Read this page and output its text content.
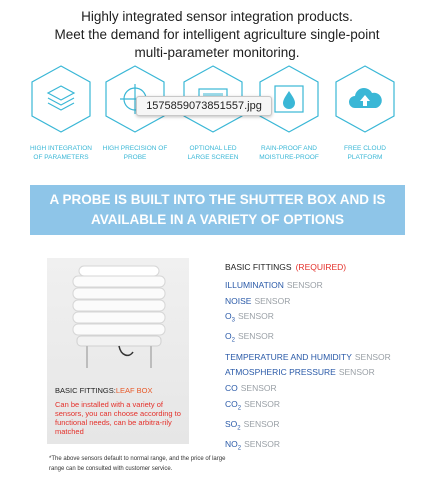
Highly integrated sensor integration products.
Meet the demand for intelligent agriculture single-point
multi-parameter monitoring.
HIGH INTEGRATION
OF PARAMETERS
HIGH PRECISION OF
PROBE
OPTIONAL LED
LARGE SCREEN
RAIN-PROOF AND
MOISTURE-PROOF
FREE CLOUD
PLATFORM
1575859073851557.jpg
A PROBE IS BUILT INTO THE SHUTTER BOX AND IS
AVAILABLE IN A VARIETY OF OPTIONS
BASIC FITTINGS:LEAF BOX
Can be installed with a variety of sensors, you can choose according to functional needs, can be arbitra-rily matched
*The above sensors default to normal range, and the price of large range can be consulted with customer service.
BASIC FITTINGS (REQUIRED)
ILLUMINATION SENSOR
NOISE SENSOR
$O_3$ SENSOR
$O_2$ SENSOR
TEMPERATURE AND HUMIDITY SENSOR
ATMOSPHERIC PRESSURE SENSOR
CO SENSOR
$CO_2$ SENSOR
$SO_2$ SENSOR
$NO_2$ SENSOR
